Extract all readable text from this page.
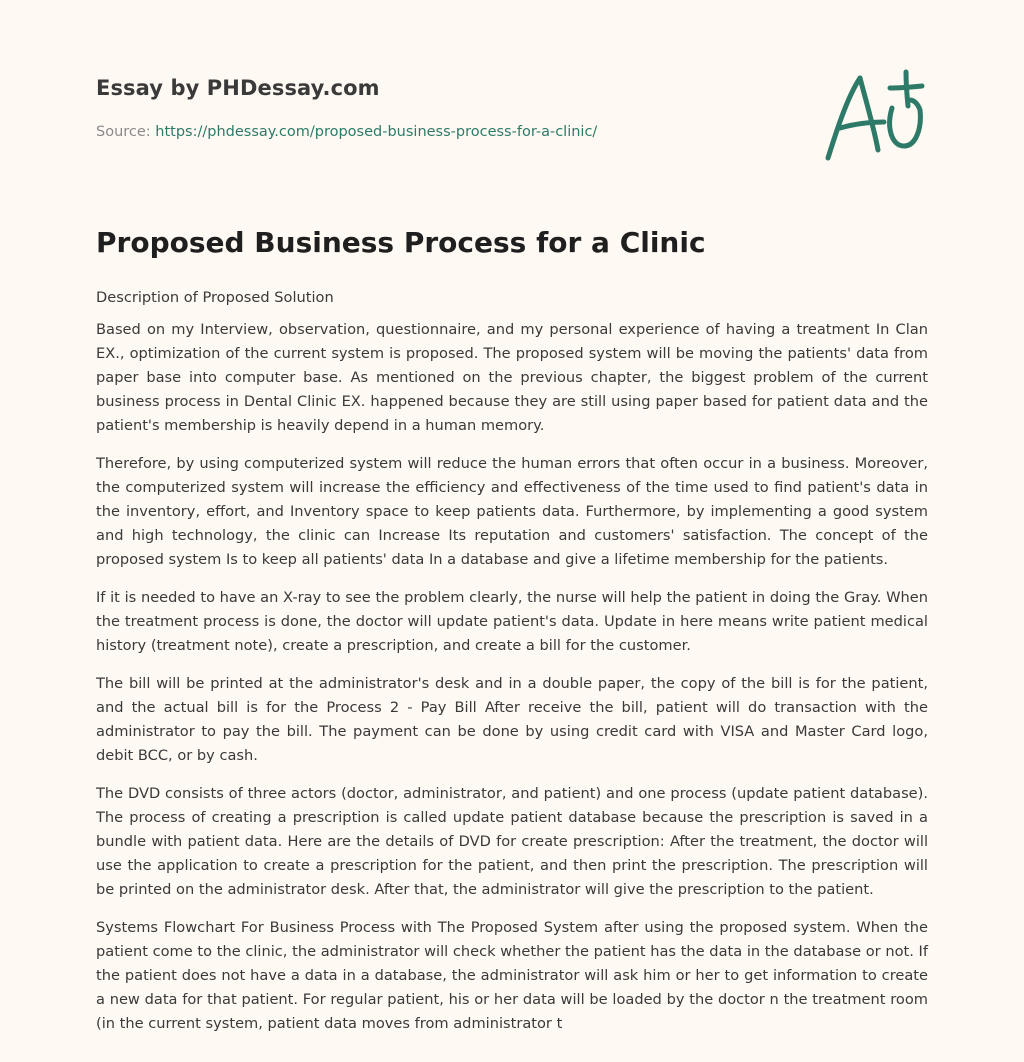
Essay by PHDessay.com
Source: https://phdessay.com/proposed-business-process-for-a-clinic/
Proposed Business Process for a Clinic
Description of Proposed Solution

Based on my Interview, observation, questionnaire, and my personal experience of having a treatment In Clan EX., optimization of the current system is proposed. The proposed system will be moving the patients' data from paper base into computer base. As mentioned on the previous chapter, the biggest problem of the current business process in Dental Clinic EX. happened because they are still using paper based for patient data and the patient's membership is heavily depend in a human memory.

Therefore, by using computerized system will reduce the human errors that often occur in a business. Moreover, the computerized system will increase the efficiency and effectiveness of the time used to find patient's data in the inventory, effort, and Inventory space to keep patients data. Furthermore, by implementing a good system and high technology, the clinic can Increase Its reputation and customers' satisfaction. The concept of the proposed system Is to keep all patients' data In a database and give a lifetime membership for the patients.

If it is needed to have an X-ray to see the problem clearly, the nurse will help the patient in doing the Gray. When the treatment process is done, the doctor will update patient's data. Update in here means write patient medical history (treatment note), create a prescription, and create a bill for the customer.

The bill will be printed at the administrator's desk and in a double paper, the copy of the bill is for the patient, and the actual bill is for the Process 2 - Pay Bill After receive the bill, patient will do transaction with the administrator to pay the bill. The payment can be done by using credit card with VISA and Master Card logo, debit BCC, or by cash.

The DVD consists of three actors (doctor, administrator, and patient) and one process (update patient database). The process of creating a prescription is called update patient database because the prescription is saved in a bundle with patient data. Here are the details of DVD for create prescription: After the treatment, the doctor will use the application to create a prescription for the patient, and then print the prescription. The prescription will be printed on the administrator desk. After that, the administrator will give the prescription to the patient.

Systems Flowchart For Business Process with The Proposed System after using the proposed system. When the patient come to the clinic, the administrator will check whether the patient has the data in the database or not. If the patient does not have a data in a database, the administrator will ask him or her to get information to create a new data for that patient. For regular patient, his or her data will be loaded by the doctor n the treatment room (in the current system, patient data moves from administrator t
